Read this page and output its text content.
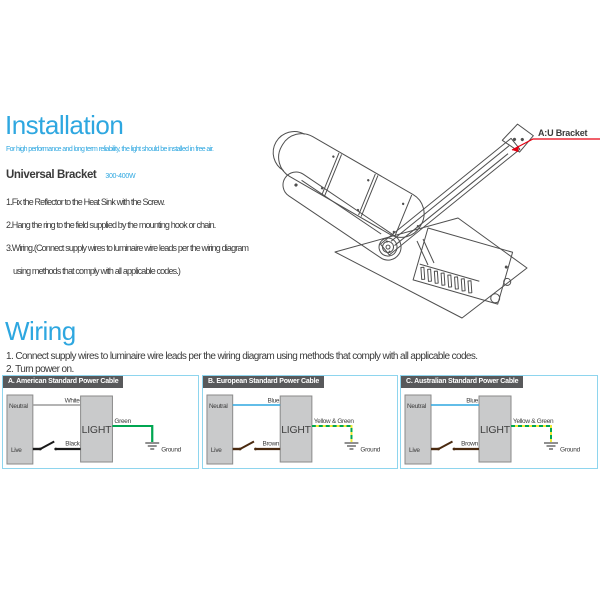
Installation
For high performance and long term reliability, the light should be installed in free air.
Universal Bracket 300-400W
1.Fix the Reflector to the Heat Sink with the Screw.
2.Hang the ring to the field supplied by the mounting hook or chain.
3.Wiring.(Connect supply wires to luminaire wire leads per the wiring diagram
using methods that comply with all applicable codes.)
A:U Bracket
Wiring
1. Connect supply wires to luminaire wire leads per the wiring diagram using methods that comply with all applicable codes.
2. Turn power on.
A. American Standard Power Cable
Neutral
Live
LIGHT
White
Black
Green
Ground
B. European Standard Power Cable
Neutral
Live
LIGHT
Blue
Brown
Yellow & Green
Ground
C. Australian Standard Power Cable
Neutral
Live
LIGHT
Blue
Brown
Yellow & Green
Ground
